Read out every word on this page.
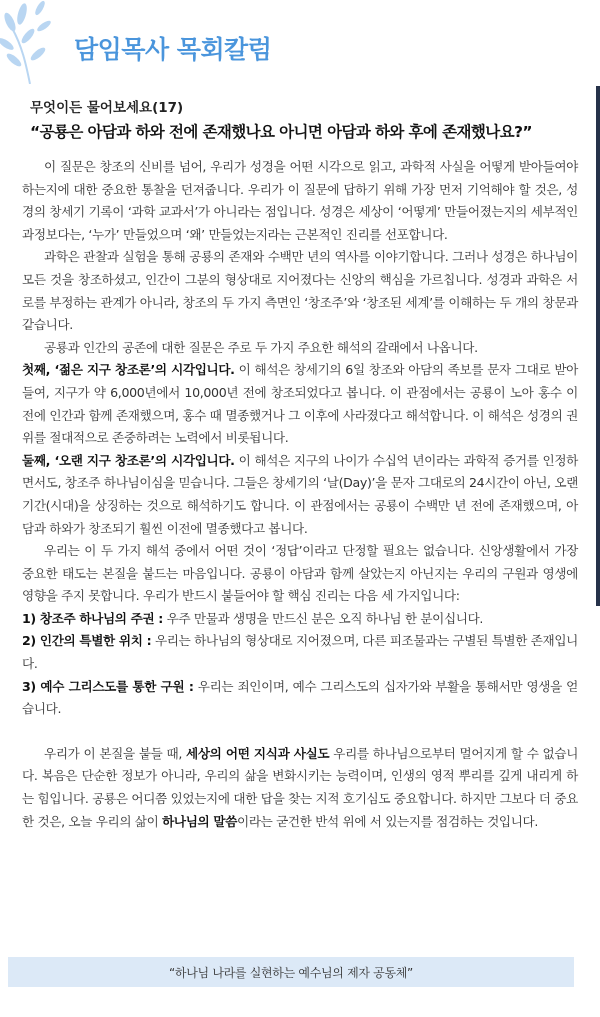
담임목사 목회칼럼
무엇이든 물어보세요(17)
“공룡은 아담과 하와 전에 존재했나요 아니면 아담과 하와 후에 존재했나요?”

이 질문은 창조의 신비를 넘어, 우리가 성경을 어떤 시각으로 읽고, 과학적 사실을 어떻게 받아들여야 하는지에 대한 중요한 통찰을 던져줍니다. 우리가 이 질문에 답하기 위해 가장 먼저 기억해야 할 것은, 성경의 창세기 기록이 ‘과학 교과서’가 아니라는 점입니다. 성경은 세상이 ‘어떻게’ 만들어졌는지의 세부적인 과정보다는, ‘누가’ 만들었으며 ‘왜’ 만들었는지라는 근본적인 진리를 선포합니다.

과학은 관찰과 실험을 통해 공룡의 존재와 수백만 년의 역사를 이야기합니다. 그러나 성경은 하나님이 모든 것을 창조하셨고, 인간이 그분의 형상대로 지어졌다는 신앙의 핵심을 가르칩니다. 성경과 과학은 서로를 부정하는 관계가 아니라, 창조의 두 가지 측면인 ‘창조주’와 ‘창조된 세계’를 이해하는 두 개의 창문과 같습니다.

공룡과 인간의 공존에 대한 질문은 주로 두 가지 주요한 해석의 갈래에서 나옵니다.

첫째, ‘젊은 지구 창조론’의 시각입니다. 이 해석은 창세기의 6일 창조와 아담의 족보를 문자 그대로 받아들여, 지구가 약 6,000년에서 10,000년 전에 창조되었다고 봅니다. 이 관점에서는 공룡이 노아 홍수 이전에 인간과 함께 존재했으며, 홍수 때 멸종했거나 그 이후에 사라졌다고 해석합니다. 이 해석은 성경의 권위를 절대적으로 존중하려는 노력에서 비롯됩니다.

둘째, ‘오랜 지구 창조론’의 시각입니다. 이 해석은 지구의 나이가 수십억 년이라는 과학적 증거를 인정하면서도, 창조주 하나님이심을 믿습니다. 그들은 창세기의 ‘날(Day)’을 문자 그대로의 24시간이 아닌, 오랜 기간(시대)을 상징하는 것으로 해석하기도 합니다. 이 관점에서는 공룡이 수백만 년 전에 존재했으며, 아담과 하와가 창조되기 훨씬 이전에 멸종했다고 봅니다.

우리는 이 두 가지 해석 중에서 어떤 것이 ‘정답’이라고 단정할 필요는 없습니다. 신앙생활에서 가장 중요한 태도는 본질을 붙드는 마음입니다. 공룡이 아담과 함께 살았는지 아닌지는 우리의 구원과 영생에 영향을 주지 못합니다. 우리가 반드시 붙들어야 할 핵심 진리는 다음 세 가지입니다:

1) 창조주 하나님의 주권 : 우주 만물과 생명을 만드신 분은 오직 하나님 한 분이십니다.

2) 인간의 특별한 위치 : 우리는 하나님의 형상대로 지어졌으며, 다른 피조물과는 구별된 특별한 존재입니다.

3) 예수 그리스도를 통한 구원 : 우리는 죄인이며, 예수 그리스도의 십자가와 부활을 통해서만 영생을 얻습니다.

우리가 이 본질을 붙들 때, 세상의 어떤 지식과 사실도 우리를 하나님으로부터 멀어지게 할 수 없습니다. 복음은 단순한 정보가 아니라, 우리의 삶을 변화시키는 능력이며, 인생의 영적 뿌리를 깊게 내리게 하는 힘입니다. 공룡은 어디쯤 있었는지에 대한 답을 찾는 지적 호기심도 중요합니다. 하지만 그보다 더 중요한 것은, 오늘 우리의 삶이 하나님의 말씀이라는 굳건한 반석 위에 서 있는지를 점검하는 것입니다.

“하나님 나라를 실현하는 예수님의 제자 공동체”
